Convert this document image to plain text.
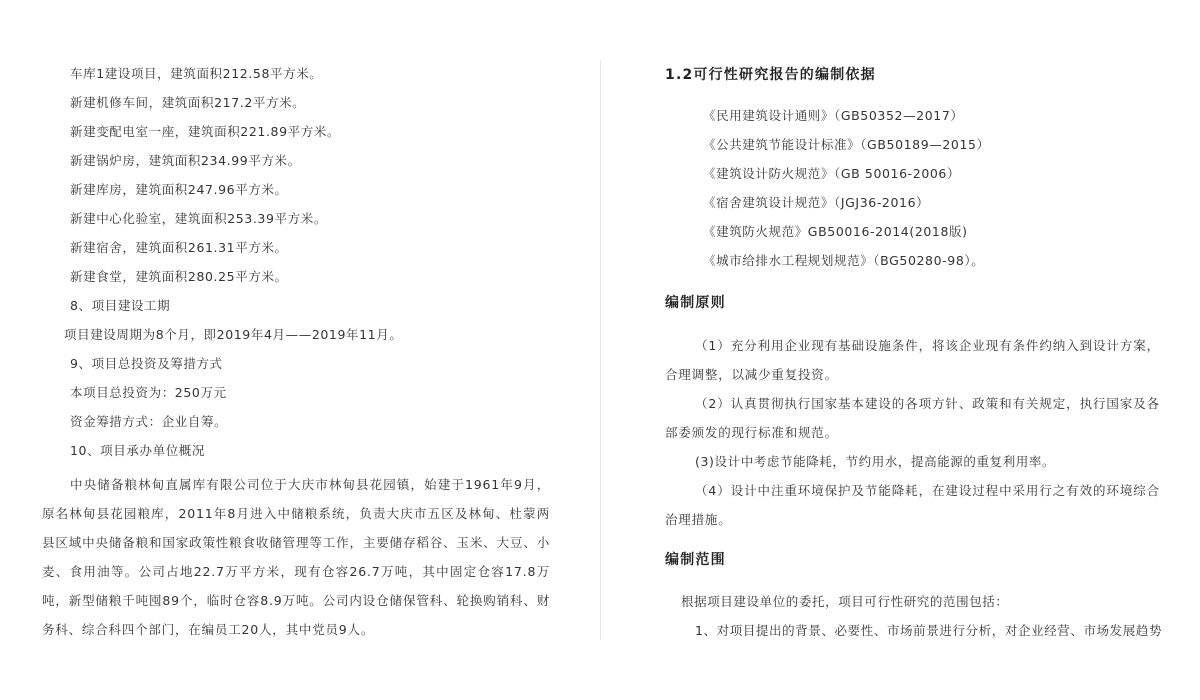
车库1建设项目，建筑面积212.58平方米。
新建机修车间，建筑面积217.2平方米。
新建变配电室一座，建筑面积221.89平方米。
新建锅炉房，建筑面积234.99平方米。
新建库房，建筑面积247.96平方米。
新建中心化验室，建筑面积253.39平方米。
新建宿舍，建筑面积261.31平方米。
新建食堂，建筑面积280.25平方米。
8、项目建设工期
项目建设周期为8个月，即2019年4月——2019年11月。
9、项目总投资及筹措方式
本项目总投资为：250万元
资金筹措方式：企业自筹。
10、项目承办单位概况
中央储备粮林甸直属库有限公司位于大庆市林甸县花园镇，始建于1961年9月，原名林甸县花园粮库，2011年8月进入中储粮系统，负责大庆市五区及林甸、杜蒙两县区域中央储备粮和国家政策性粮食收储管理等工作，主要储存稻谷、玉米、大豆、小麦、食用油等。公司占地22.7万平方米，现有仓容26.7万吨，其中固定仓容17.8万吨，新型储粮千吨囤89个，临时仓容8.9万吨。公司内设仓储保管科、轮换购销科、财务科、综合科四个部门，在编员工20人，其中党员9人。
1.2可行性研究报告的编制依据
《民用建筑设计通则》（GB50352—2017）
《公共建筑节能设计标准》（GB50189—2015）
《建筑设计防火规范》（GB 50016-2006）
《宿舍建筑设计规范》（JGJ36-2016）
《建筑防火规范》GB50016-2014(2018版)
《城市给排水工程规划规范》（BG50280-98）。
编制原则
（1）充分利用企业现有基础设施条件，将该企业现有条件约纳入到设计方案，合理调整，以减少重复投资。
（2）认真贯彻执行国家基本建设的各项方针、政策和有关规定，执行国家及各部委颁发的现行标准和规范。
(3)设计中考虑节能降耗，节约用水，提高能源的重复利用率。
（4）设计中注重环境保护及节能降耗，在建设过程中采用行之有效的环境综合治理措施。
编制范围
根据项目建设单位的委托，项目可行性研究的范围包括：
1、对项目提出的背景、必要性、市场前景进行分析，对企业经营、市场发展趋势
